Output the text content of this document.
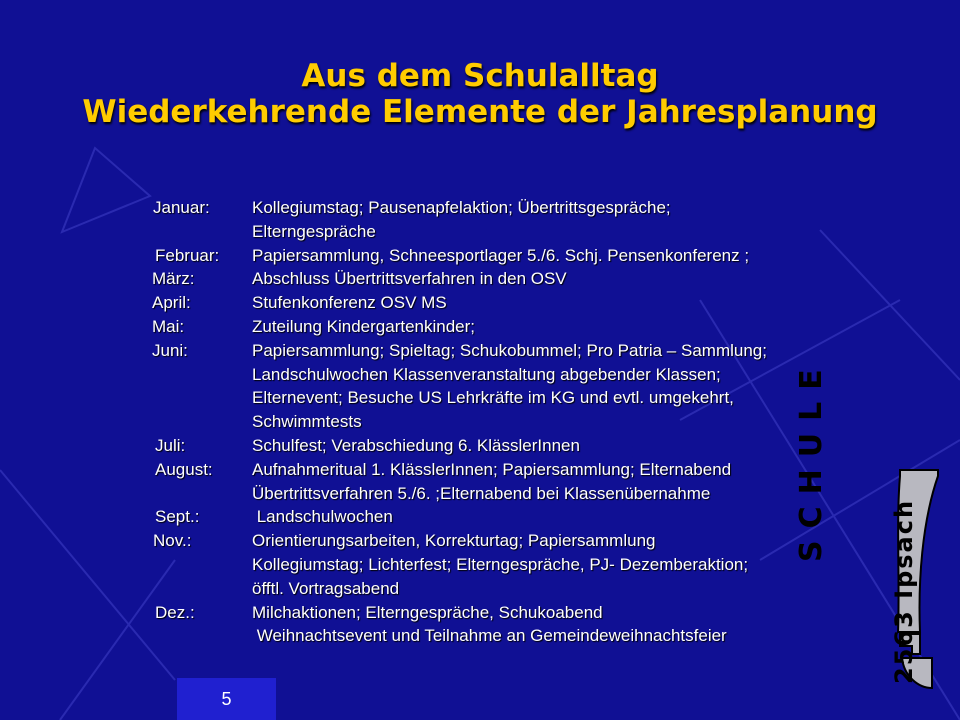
Aus dem Schulalltag
Wiederkehrende Elemente der Jahresplanung
Januar: Kollegiumstag; Pausenapfelaktion; Übertrittsgespräche;
Elterngespräche
Februar: Papiersammlung, Schneesportlager 5./6. Schj. Pensenkonferenz ;
März:	Abschluss Übertrittsverfahren in den OSV
April:	Stufenkonferenz OSV MS
Mai:	Zuteilung Kindergartenkinder;
Juni:	Papiersammlung; Spieltag; Schukobummel; Pro Patria – Sammlung;
Landschulwochen Klassenveranstaltung abgebender Klassen;
Elternevent; Besuche US Lehrkräfte im KG und evtl. umgekehrt,
Schwimmtests
Juli:	Schulfest; Verabschiedung 6. KlässlerInnen
August: Aufnahmeritual 1. KlässlerInnen; Papiersammlung; Elternabend
Übertrittsverfahren 5./6. ;Elternabend bei Klassenübernahme
Sept.:	Landschulwochen
Nov.:	Orientierungsarbeiten, Korrekturtag; Papiersammlung
Kollegiumstag; Lichterfest; Elterngespräche, PJ- Dezemberaktion;
öfftl. Vortragsabend
Dez.:	Milchaktionen; Elterngespräche, Schukoabend
Weihnachtsevent und Teilnahme an Gemeindeweihnachtsfeier
SCHULE
2563 Ipsach
5
